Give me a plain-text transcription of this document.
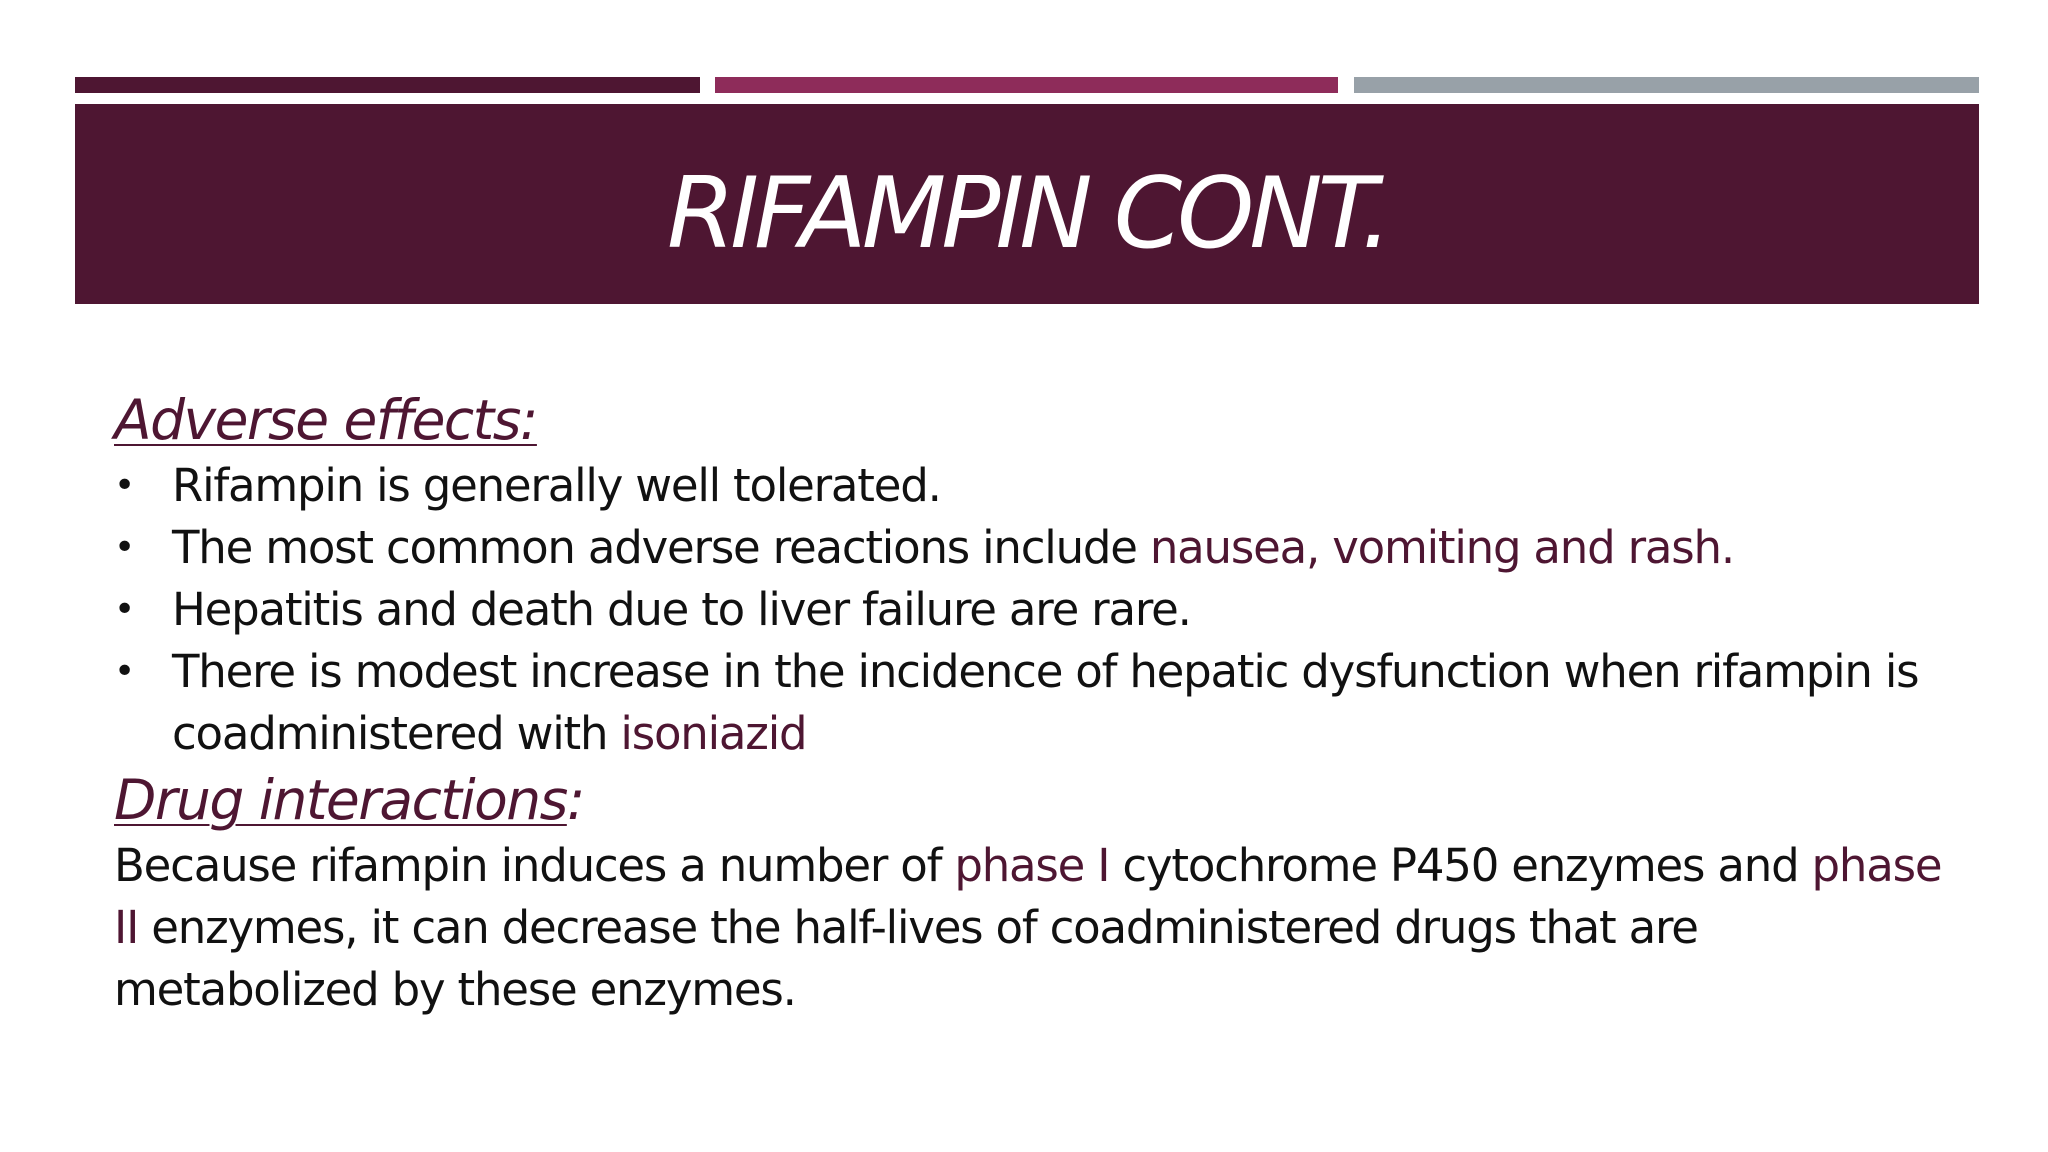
RIFAMPIN CONT.
Adverse effects:
• Rifampin is generally well tolerated.
• The most common adverse reactions include nausea, vomiting and rash.
• Hepatitis and death due to liver failure are rare.
• There is modest increase in the incidence of hepatic dysfunction when rifampin is coadministered with isoniazid
Drug interactions:

Because rifampin induces a number of phase I cytochrome P450 enzymes and phase II enzymes, it can decrease the half-lives of coadministered drugs that are metabolized by these enzymes.
